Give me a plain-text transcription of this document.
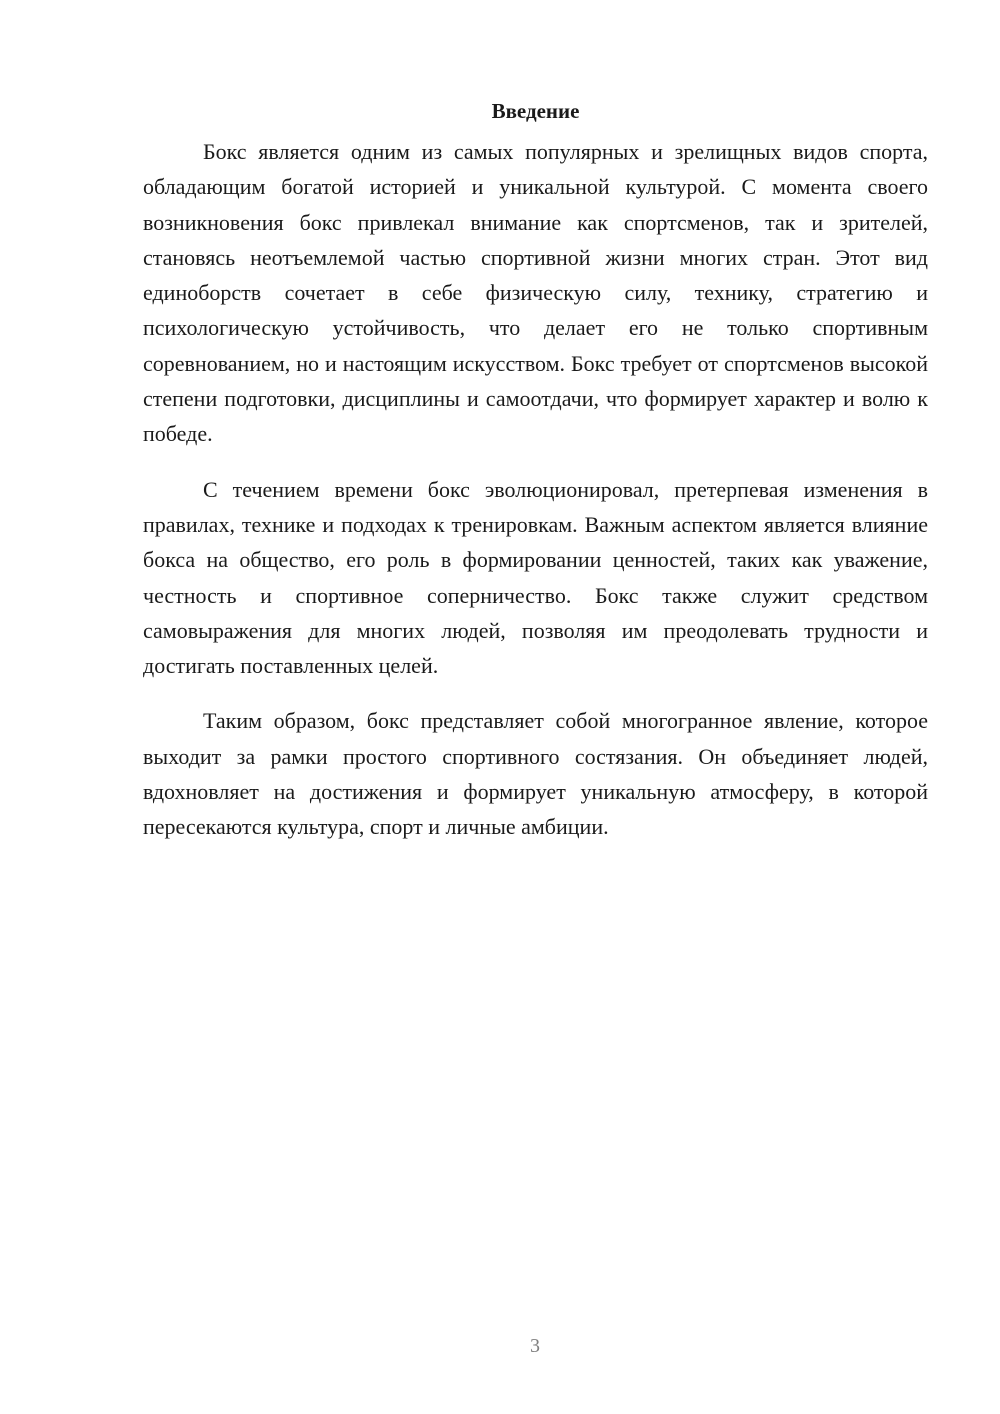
Введение

Бокс является одним из самых популярных и зрелищных видов спорта, обладающим богатой историей и уникальной культурой. С момента своего возникновения бокс привлекал внимание как спортсменов, так и зрителей, становясь неотъемлемой частью спортивной жизни многих стран. Этот вид единоборств сочетает в себе физическую силу, технику, стратегию и психологическую устойчивость, что делает его не только спортивным соревнованием, но и настоящим искусством. Бокс требует от спортсменов высокой степени подготовки, дисциплины и самоотдачи, что формирует характер и волю к победе.

С течением времени бокс эволюционировал, претерпевая изменения в правилах, технике и подходах к тренировкам. Важным аспектом является влияние бокса на общество, его роль в формировании ценностей, таких как уважение, честность и спортивное соперничество. Бокс также служит средством самовыражения для многих людей, позволяя им преодолевать трудности и достигать поставленных целей.

Таким образом, бокс представляет собой многогранное явление, которое выходит за рамки простого спортивного состязания. Он объединяет людей, вдохновляет на достижения и формирует уникальную атмосферу, в которой пересекаются культура, спорт и личные амбиции.

3
